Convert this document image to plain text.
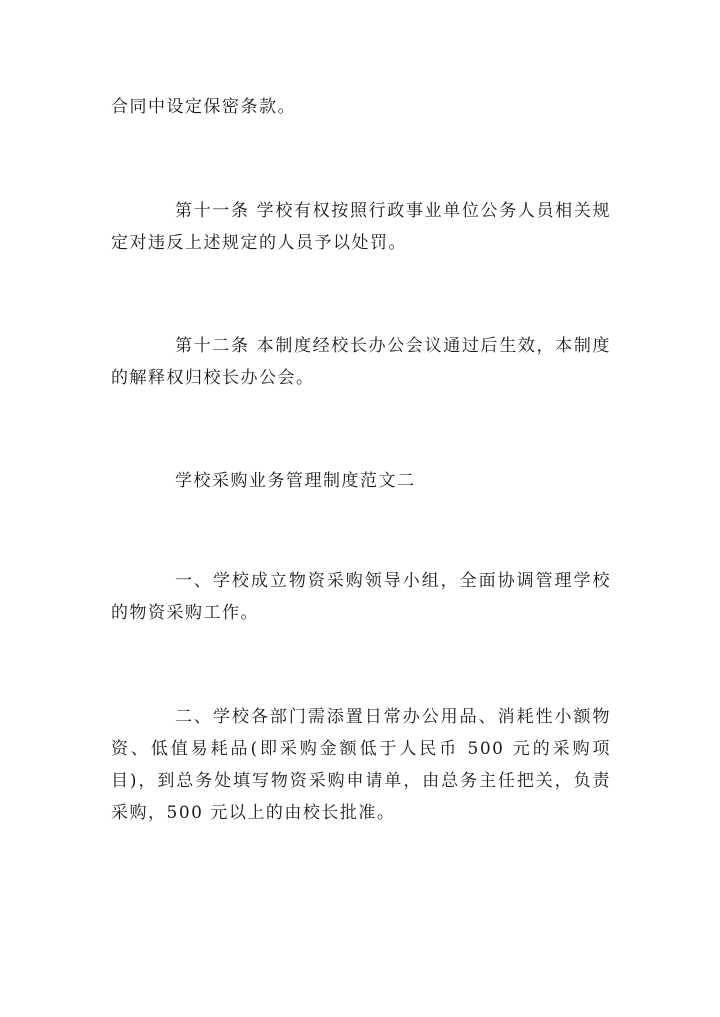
合同中设定保密条款。

第十一条 学校有权按照行政事业单位公务人员相关规定对违反上述规定的人员予以处罚。

第十二条 本制度经校长办公会议通过后生效，本制度的解释权归校长办公会。

学校采购业务管理制度范文二

一、学校成立物资采购领导小组，全面协调管理学校的物资采购工作。

二、学校各部门需添置日常办公用品、消耗性小额物资、低值易耗品(即采购金额低于人民币 500 元的采购项目)，到总务处填写物资采购申请单，由总务主任把关，负责采购，500 元以上的由校长批准。
